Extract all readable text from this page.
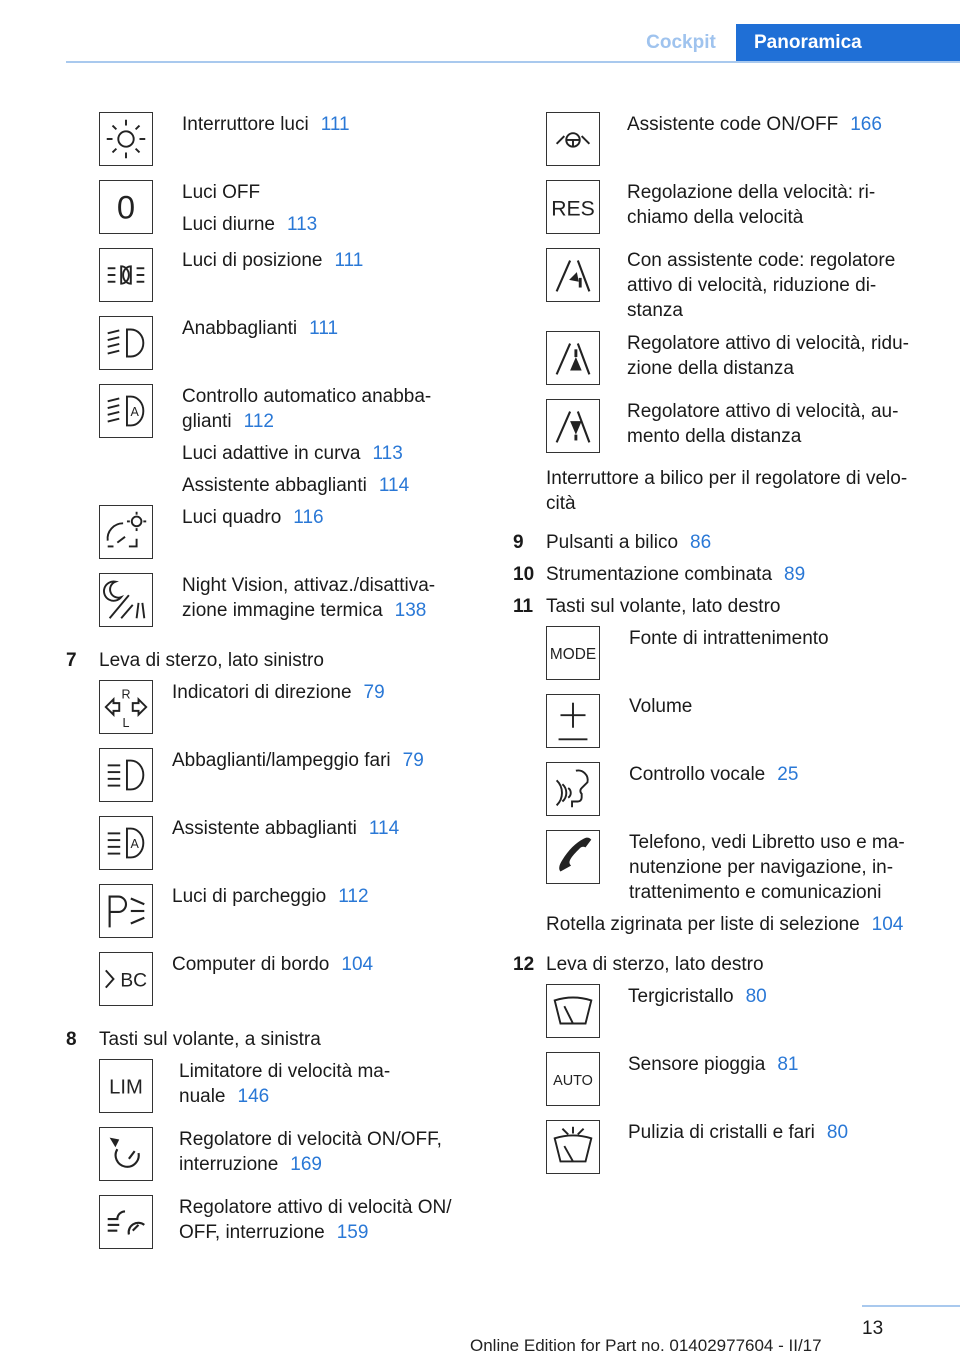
Cockpit	Panoramica
Interruttore luci 111
0 Luci OFF
Luci diurne 113
Luci di posizione 111
Anabbaglianti 111
A
Controllo automatico anabba-
glianti 112
Luci adattive in curva 113
Assistente abbaglianti 114
Luci quadro 116
Night Vision, attivaz./disattiva-
zione immagine termica 138
7 Leva di sterzo, lato sinistro
R
L
Indicatori di direzione 79
Abbaglianti/lampeggio fari 79
A
Assistente abbaglianti 114
Luci di parcheggio 112
BC
Computer di bordo 104
8 Tasti sul volante, a sinistra
LIM
Limitatore di velocità ma-
nuale 146
Regolatore di velocità ON/OFF,
interruzione 169
Regolatore attivo di velocità ON/
OFF, interruzione 159
Assistente code ON/OFF 166
RES
Regolazione della velocità: ri-
chiamo della velocità
Con assistente code: regolatore
attivo di velocità, riduzione di-
stanza
Regolatore attivo di velocità, ridu-
zione della distanza
Regolatore attivo di velocità, au-
mento della distanza
Interruttore a bilico per il regolatore di velo-
cità
9 Pulsanti a bilico 86
10 Strumentazione combinata 89
11 Tasti sul volante, lato destro
MODE
Fonte di intrattenimento
Volume
Controllo vocale 25
Telefono, vedi Libretto uso e ma-
nutenzione per navigazione, in-
trattenimento e comunicazioni
Rotella zigrinata per liste di selezione 104
12 Leva di sterzo, lato destro
Tergicristallo 80
AUTO
Sensore pioggia 81
Pulizia di cristalli e fari 80
13
Online Edition for Part no. 01402977604 - II/17
